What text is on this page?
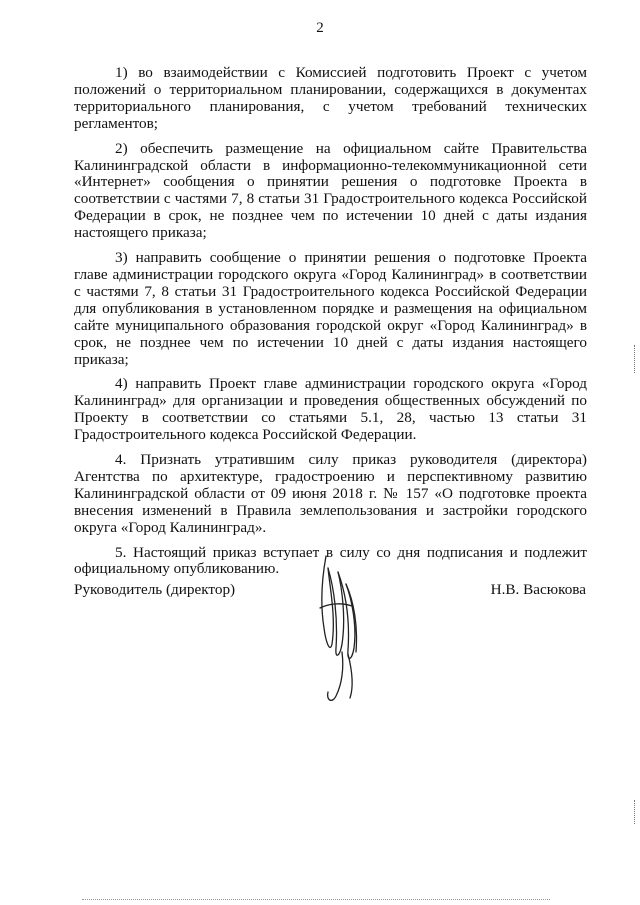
2

1) во взаимодействии с Комиссией подготовить Проект с учетом положений о территориальном планировании, содержащихся в документах территориального планирования, с учетом требований технических регламентов;

2) обеспечить размещение на официальном сайте Правительства Калининградской области в информационно-телекоммуникационной сети «Интернет» сообщения о принятии решения о подготовке Проекта в соответствии с частями 7, 8 статьи 31 Градостроительного кодекса Российской Федерации в срок, не позднее чем по истечении 10 дней с даты издания настоящего приказа;

3) направить сообщение о принятии решения о подготовке Проекта главе администрации городского округа «Город Калининград» в соответствии с частями 7, 8 статьи 31 Градостроительного кодекса Российской Федерации для опубликования в установленном порядке и размещения на официальном сайте муниципального образования городской округ «Город Калининград» в срок, не позднее чем по истечении 10 дней с даты издания настоящего приказа;

4) направить Проект главе администрации городского округа «Город Калининград» для организации и проведения общественных обсуждений по Проекту в соответствии со статьями 5.1, 28, частью 13 статьи 31 Градостроительного кодекса Российской Федерации.

4. Признать утратившим силу приказ руководителя (директора) Агентства по архитектуре, градостроению и перспективному развитию Калининградской области от 09 июня 2018 г. № 157 «О подготовке проекта внесения изменений в Правила землепользования и застройки городского округа «Город Калининград».

5. Настоящий приказ вступает в силу со дня подписания и подлежит официальному опубликованию.

Руководитель (директор)	Н.В. Васюкова
